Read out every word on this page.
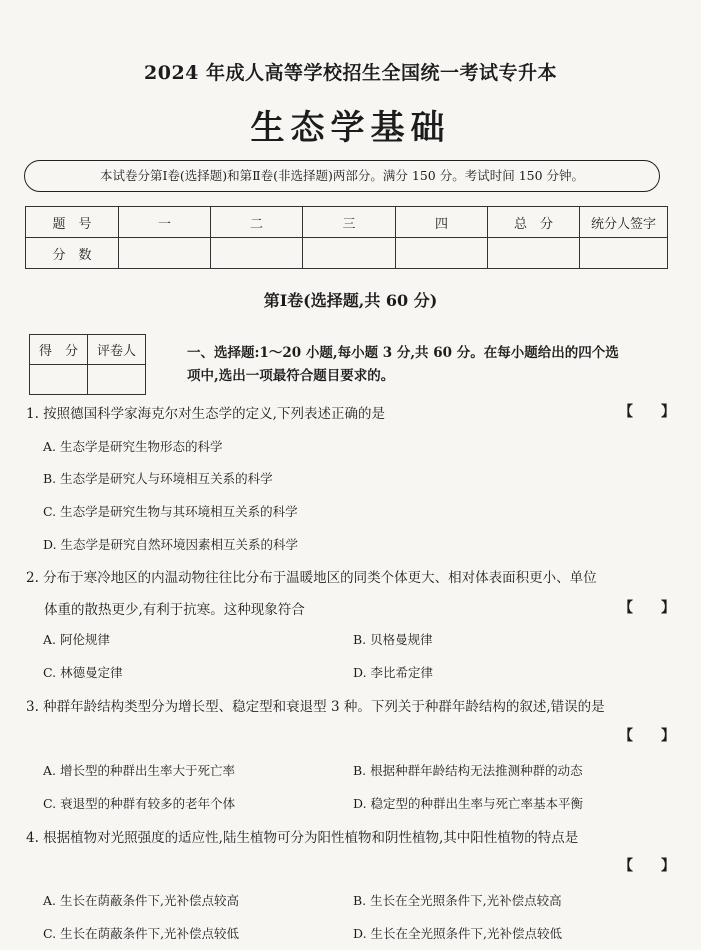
2024 年成人高等学校招生全国统一考试专升本
生态学基础
本试卷分第Ⅰ卷(选择题)和第Ⅱ卷(非选择题)两部分。满分 150 分。考试时间 150 分钟。
题　号	一	二	三	四	总　分	统分人签字
分　数						
第Ⅰ卷(选择题,共 60 分)
得　分	评卷人
		一、选择题:1～20 小题,每小题 3 分,共 60 分。在每小题给出的四个选
项中,选出一项最符合题目要求的。
1. 按照德国科学家海克尔对生态学的定义,下列表述正确的是	【　　】
A. 生态学是研究生物形态的科学
B. 生态学是研究人与环境相互关系的科学
C. 生态学是研究生物与其环境相互关系的科学
D. 生态学是研究自然环境因素相互关系的科学
2. 分布于寒冷地区的内温动物往往比分布于温暖地区的同类个体更大、相对体表面积更小、单位
体重的散热更少,有利于抗寒。这种现象符合	【　　】
A. 阿伦规律	B. 贝格曼规律
C. 林德曼定律	D. 李比希定律
3. 种群年龄结构类型分为增长型、稳定型和衰退型 3 种。下列关于种群年龄结构的叙述,错误的是
【　　】
A. 增长型的种群出生率大于死亡率	B. 根据种群年龄结构无法推测种群的动态
C. 衰退型的种群有较多的老年个体	D. 稳定型的种群出生率与死亡率基本平衡
4. 根据植物对光照强度的适应性,陆生植物可分为阳性植物和阴性植物,其中阳性植物的特点是
【　　】
A. 生长在荫蔽条件下,光补偿点较高	B. 生长在全光照条件下,光补偿点较高
C. 生长在荫蔽条件下,光补偿点较低	D. 生长在全光照条件下,光补偿点较低
